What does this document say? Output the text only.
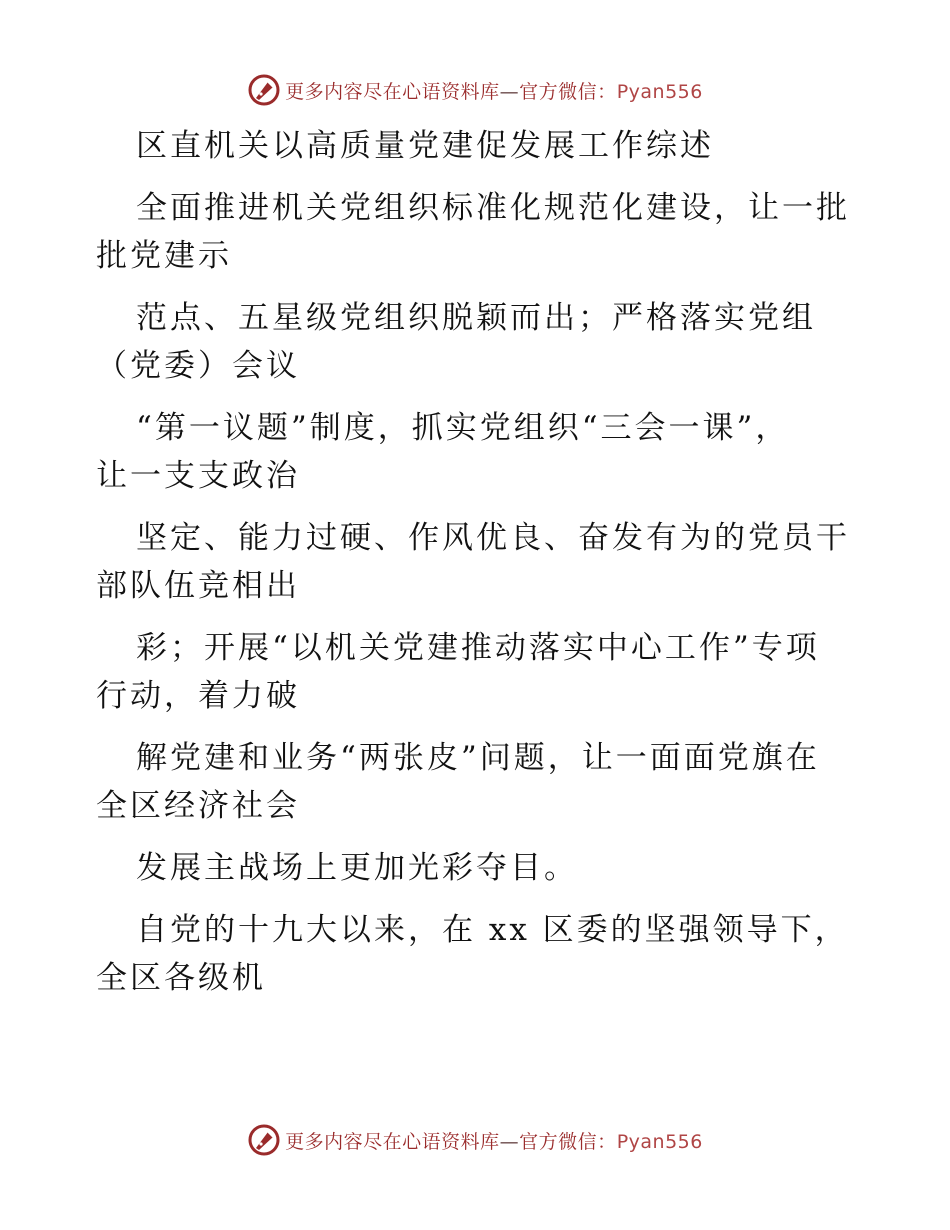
更多内容尽在心语资料库—官方微信：Pyan556
区直机关以高质量党建促发展工作综述
全面推进机关党组织标准化规范化建设，让一批
批党建示
范点、五星级党组织脱颖而出；严格落实党组
（党委）会议
“第一议题”制度，抓实党组织“三会一课”，
让一支支政治
坚定、能力过硬、作风优良、奋发有为的党员干
部队伍竞相出
彩；开展“以机关党建推动落实中心工作”专项
行动，着力破
解党建和业务“两张皮”问题，让一面面党旗在
全区经济社会
发展主战场上更加光彩夺目。
自党的十九大以来，在 xx 区委的坚强领导下，
全区各级机
更多内容尽在心语资料库—官方微信：Pyan556
